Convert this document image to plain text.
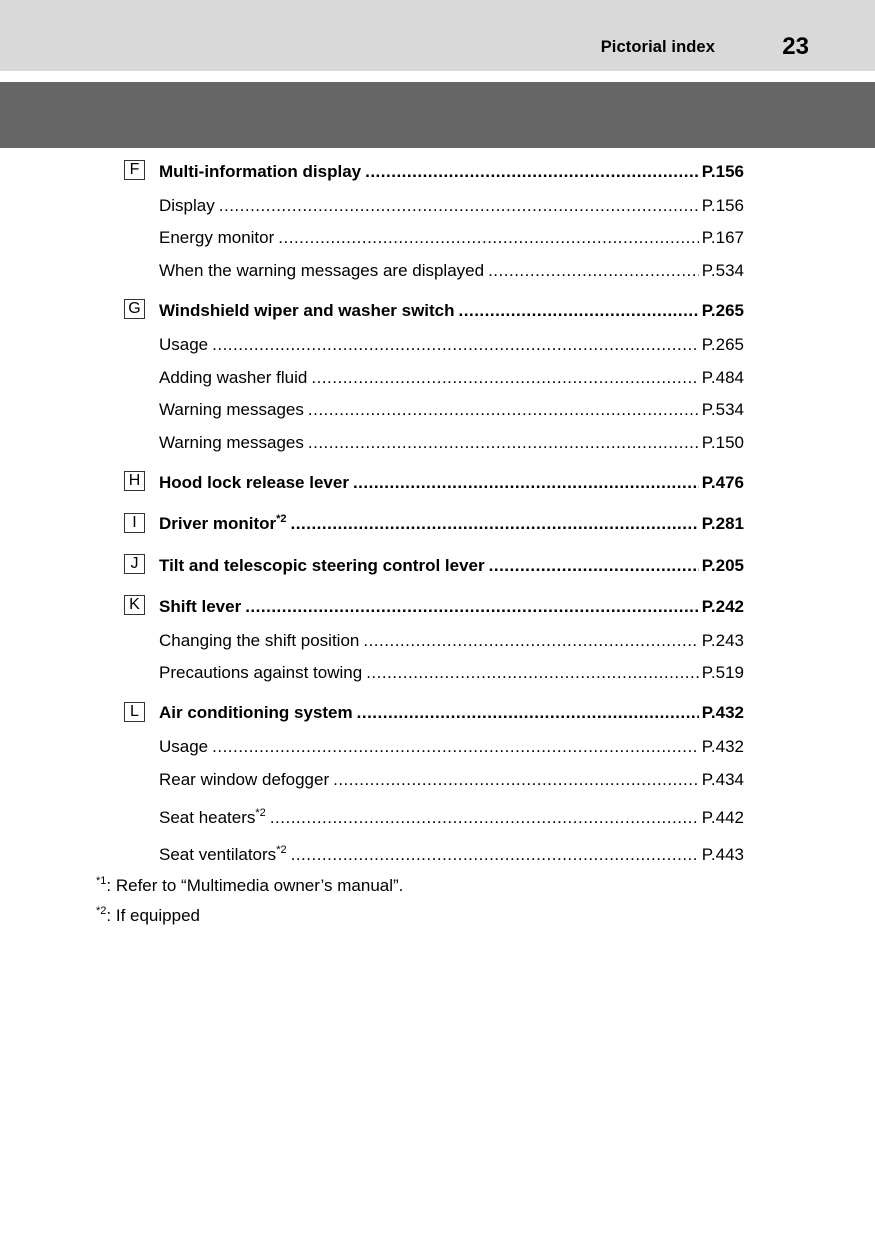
Pictorial index	23
F	Multi-information display .....	P.156
Display .....	P.156
Energy monitor .....	P.167
When the warning messages are displayed .....	P.534
G Windshield wiper and washer switch .....	P.265
Usage .....	P.265
Adding washer fluid .....	P.484
Warning messages .....	P.534
Warning messages .....	P.150
H Hood lock release lever .....	P.476
I	Driver monitor$^{*2}$ .....	P.281
J	Tilt and telescopic steering control lever .....	P.205
K	Shift lever .....	P.242
Changing the shift position .....	P.243
Precautions against towing .....	P.519
L	Air conditioning system .....	P.432
Usage .....	P.432
Rear window defogger .....	P.434
Seat heaters$^{*2}$ .....	P.442
Seat ventilators$^{*2}$ .....	P.443
$^{*1}$: Refer to “Multimedia owner’s manual”.
$^{*2}$: If equipped
